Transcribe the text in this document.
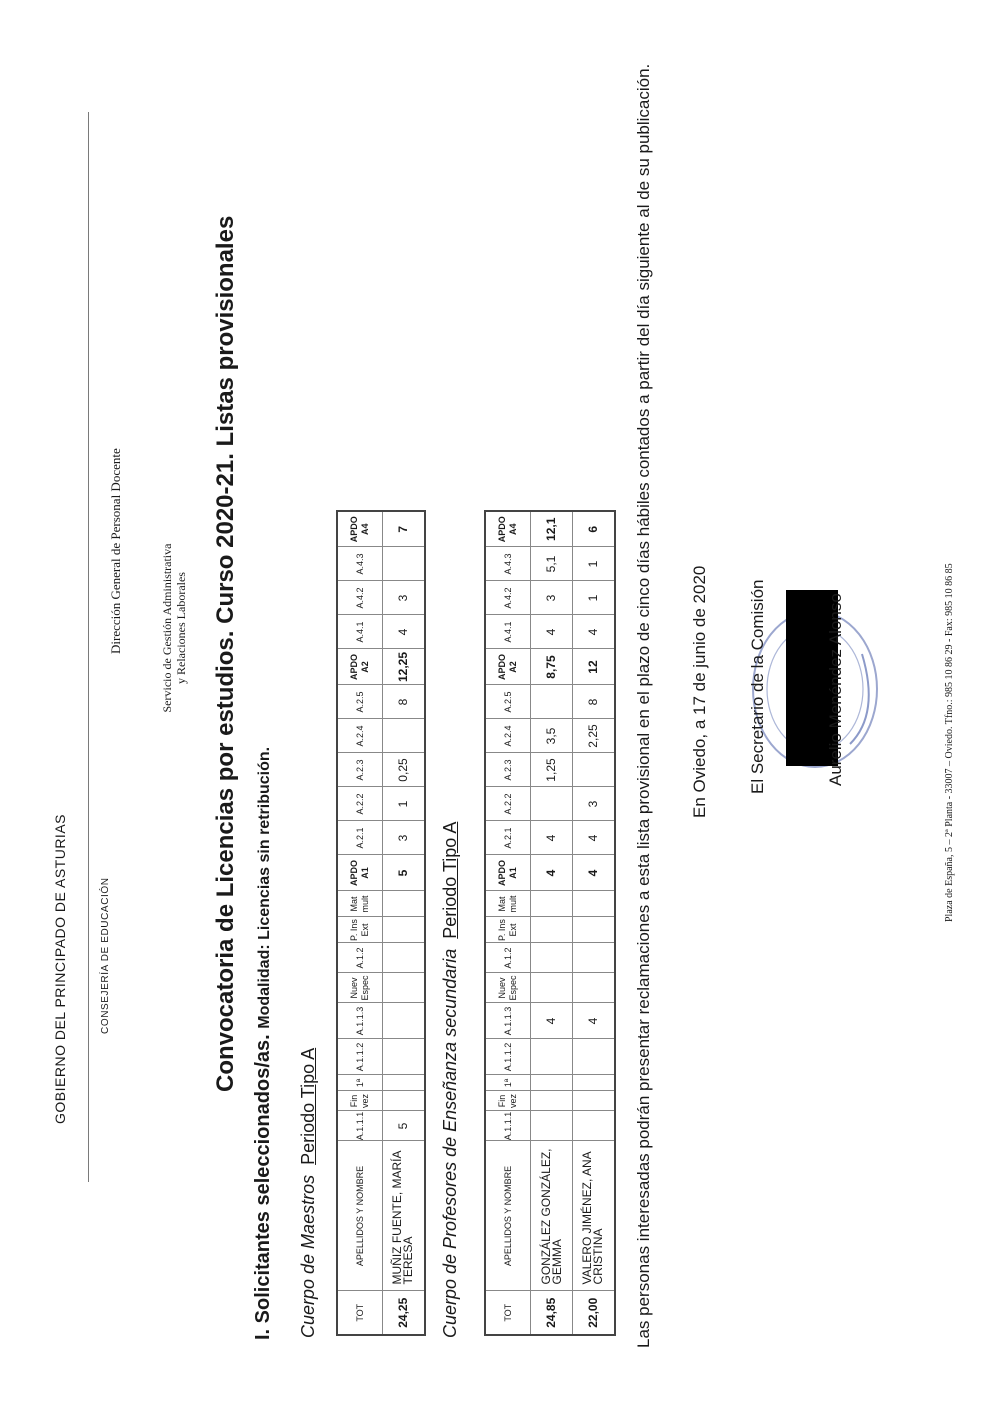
GOBIERNO DEL PRINCIPADO DE ASTURIAS	CONSEJERÍA DE EDUCACIÓN
Dirección General de Personal Docente	Servicio de Gestión Administrativa y Relaciones Laborales Convocatoria de Licencias por estudios. Curso 2020-21. Listas provisionales
I. Solicitantes seleccionados/as. Modalidad: Licencias sin retribución.
Cuerpo de MaestrosPeriodo Tipo A
TOT	APELLIDOS Y NOMBRE	A.1.1.1	Fin vez	1ª	A.1.1.2	A.1.1.3	Nuev Espec	A.1.2	P. Ins Ext	Mat mult	APDO A1	A.2.1	A.2.2	A.2.3	A.2.4	A.2.5	APDO A2	A.4.1	A.4.2	A.4.3	APDO A4
24,25	MUÑIZ FUENTE, MARÍA TERESA	5									5	3	1	0,25		8	12,25	4	3		7
Cuerpo de Profesores de Enseñanza secundariaPeriodo Tipo A
TOT	APELLIDOS Y NOMBRE	A.1.1.1	Fin vez	1ª	A.1.1.2	A.1.1.3	Nuev Espec	A.1.2	P. Ins Ext	Mat mult	APDO A1	A.2.1	A.2.2	A.2.3	A.2.4	A.2.5	APDO A2	A.4.1	A.4.2	A.4.3	APDO A4
24,85	GONZÁLEZ GONZÁLEZ, GEMMA					4					4	4		1,25	3,5		8,75	4	3	5,1	12,1
22,00	VALERO JIMÉNEZ, ANA CRISTINA					4					4	4	3		2,25	8	12	4	1	1	6 Las personas interesadas podrán presentar reclamaciones a esta lista provisional en el plazo de cinco días hábiles contados a partir del día siguiente al de su publicación. En Oviedo, a 17 de junio de 2020 El Secretario de la Comisión	Aurelio Menéndez Alonso	Plaza de España, 5 – 2ª Planta - 33007 – Oviedo. Tfno.: 985 10 86 29 - Fax: 985 10 86 85
